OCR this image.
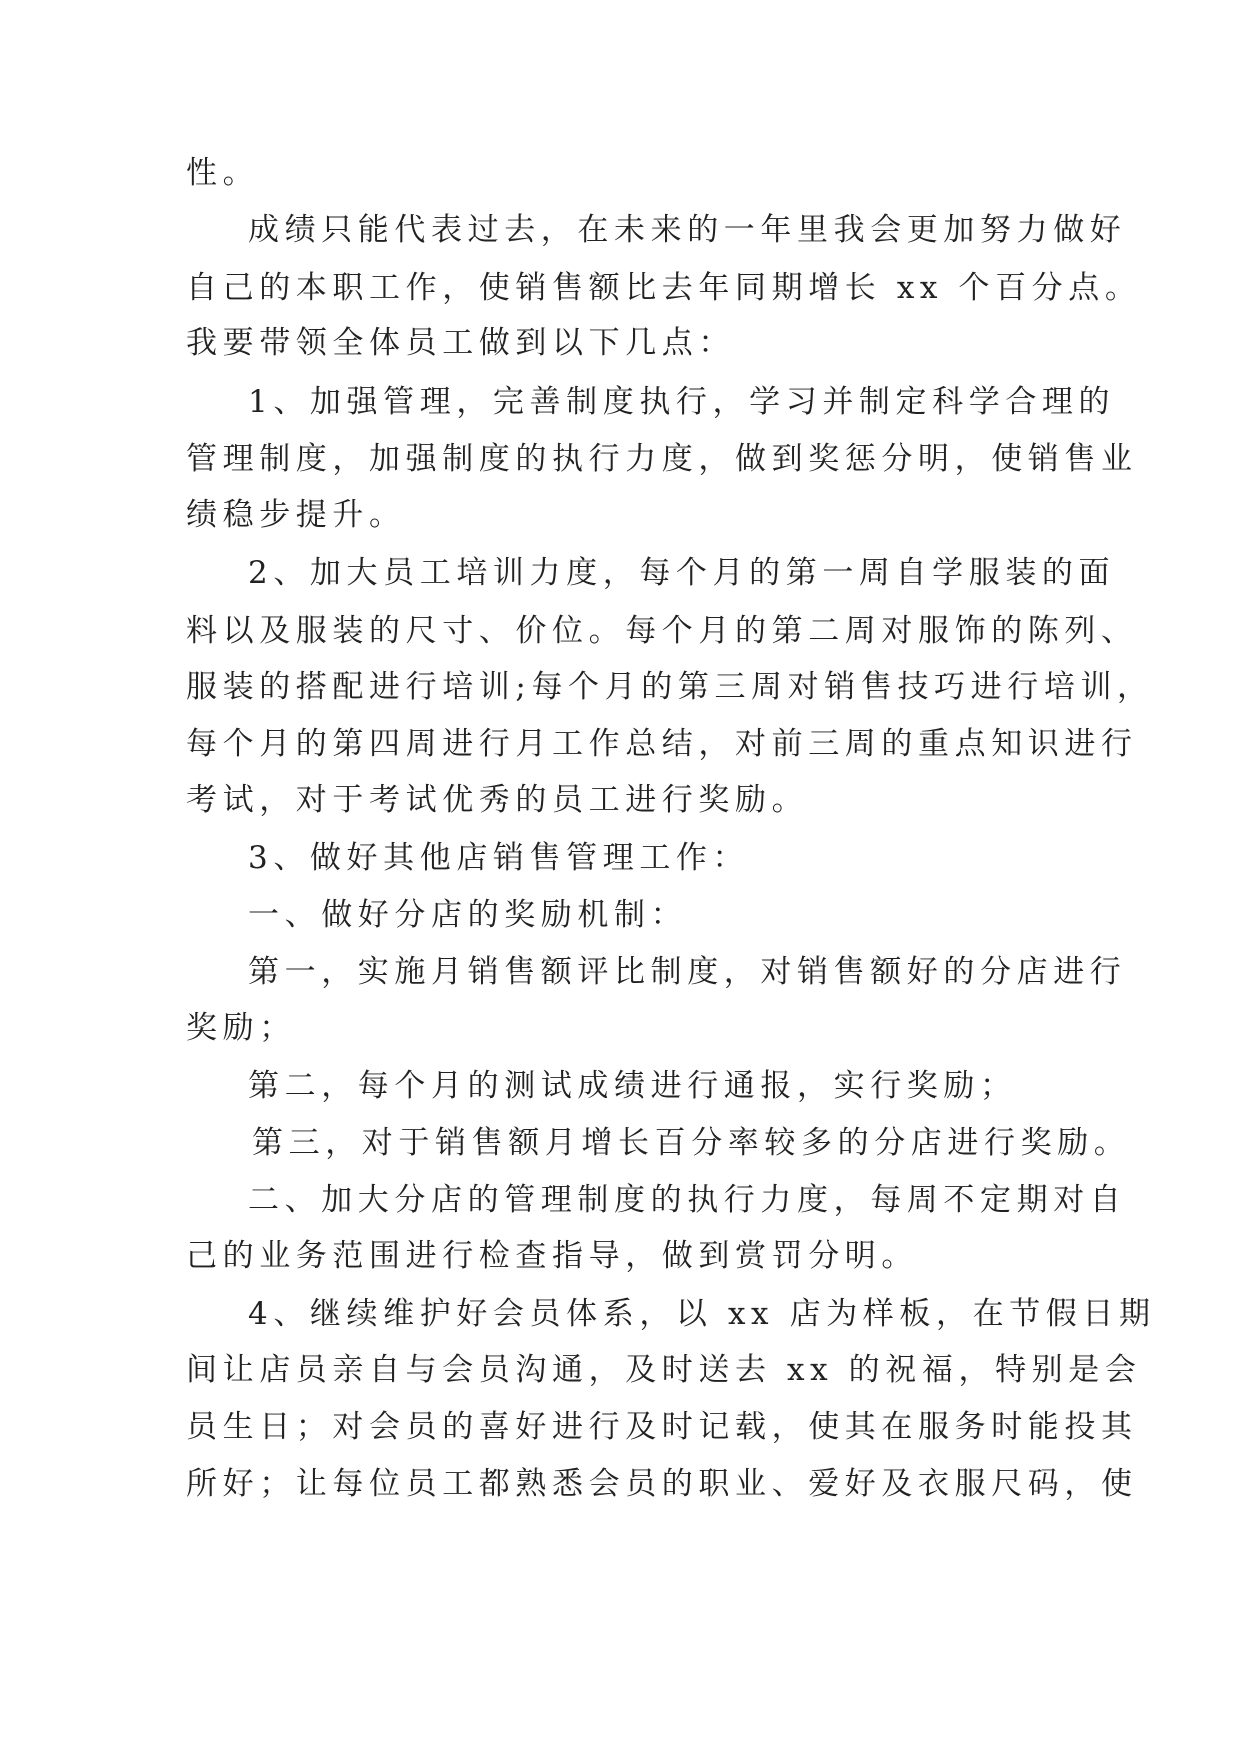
性。
成绩只能代表过去，在未来的一年里我会更加努力做好
自己的本职工作，使销售额比去年同期增长 xx 个百分点。
我要带领全体员工做到以下几点：
1、加强管理，完善制度执行，学习并制定科学合理的
管理制度，加强制度的执行力度，做到奖惩分明，使销售业
绩稳步提升。
2、加大员工培训力度，每个月的第一周自学服装的面
料以及服装的尺寸、价位。每个月的第二周对服饰的陈列、
服装的搭配进行培训;每个月的第三周对销售技巧进行培训，
每个月的第四周进行月工作总结，对前三周的重点知识进行
考试，对于考试优秀的员工进行奖励。
3、做好其他店销售管理工作：
一、做好分店的奖励机制：
第一，实施月销售额评比制度，对销售额好的分店进行
奖励；
第二，每个月的测试成绩进行通报，实行奖励；
第三，对于销售额月增长百分率较多的分店进行奖励。
二、加大分店的管理制度的执行力度，每周不定期对自
己的业务范围进行检查指导，做到赏罚分明。
4、继续维护好会员体系，以 xx 店为样板，在节假日期
间让店员亲自与会员沟通，及时送去 xx 的祝福，特别是会
员生日；对会员的喜好进行及时记载，使其在服务时能投其
所好；让每位员工都熟悉会员的职业、爱好及衣服尺码，使
